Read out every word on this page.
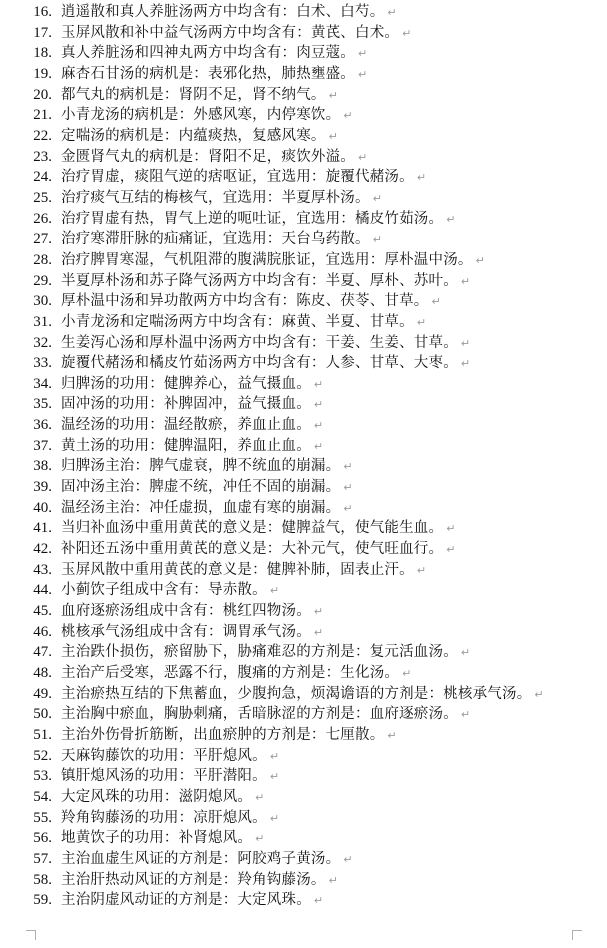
16. 逍遥散和真人养脏汤两方中均含有：白术、白芍。 ↵
17. 玉屏风散和补中益气汤两方中均含有：黄芪、白术。 ↵
18. 真人养脏汤和四神丸两方中均含有：肉豆蔻。 ↵
19. 麻杏石甘汤的病机是：表邪化热，肺热壅盛。 ↵
20. 都气丸的病机是：肾阴不足，肾不纳气。 ↵
21. 小青龙汤的病机是：外感风寒，内停寒饮。 ↵
22. 定喘汤的病机是：内蕴痰热，复感风寒。 ↵
23. 金匮肾气丸的病机是：肾阳不足，痰饮外溢。 ↵
24. 治疗胃虚，痰阻气逆的痞呕证，宜选用：旋覆代赭汤。 ↵
25. 治疗痰气互结的梅核气，宜选用：半夏厚朴汤。 ↵
26. 治疗胃虚有热，胃气上逆的呃吐证，宜选用：橘皮竹茹汤。 ↵
27. 治疗寒滞肝脉的疝痛证，宜选用：天台乌药散。 ↵
28. 治疗脾胃寒湿，气机阻滞的腹满脘胀证，宜选用：厚朴温中汤。 ↵
29. 半夏厚朴汤和苏子降气汤两方中均含有：半夏、厚朴、苏叶。 ↵
30. 厚朴温中汤和异功散两方中均含有：陈皮、茯苓、甘草。 ↵
31. 小青龙汤和定喘汤两方中均含有：麻黄、半夏、甘草。 ↵
32. 生姜泻心汤和厚朴温中汤两方中均含有：干姜、生姜、甘草。 ↵
33. 旋覆代赭汤和橘皮竹茹汤两方中均含有：人参、甘草、大枣。 ↵
34. 归脾汤的功用：健脾养心，益气摄血。 ↵
35. 固冲汤的功用：补脾固冲，益气摄血。 ↵
36. 温经汤的功用：温经散瘀，养血止血。 ↵
37. 黄土汤的功用：健脾温阳，养血止血。 ↵
38. 归脾汤主治：脾气虚衰，脾不统血的崩漏。 ↵
39. 固冲汤主治：脾虚不统，冲任不固的崩漏。 ↵
40. 温经汤主治：冲任虚损，血虚有寒的崩漏。 ↵
41. 当归补血汤中重用黄芪的意义是：健脾益气，使气能生血。 ↵
42. 补阳还五汤中重用黄芪的意义是：大补元气，使气旺血行。 ↵
43. 玉屏风散中重用黄芪的意义是：健脾补肺，固表止汗。 ↵
44. 小蓟饮子组成中含有：导赤散。 ↵
45. 血府逐瘀汤组成中含有：桃红四物汤。 ↵
46. 桃核承气汤组成中含有：调胃承气汤。 ↵
47. 主治跌仆损伤，瘀留胁下，胁痛难忍的方剂是：复元活血汤。 ↵
48. 主治产后受寒，恶露不行，腹痛的方剂是：生化汤。 ↵
49. 主治瘀热互结的下焦蓄血，少腹拘急，烦渴谵语的方剂是：桃核承气汤。 ↵
50. 主治胸中瘀血，胸胁刺痛，舌暗脉涩的方剂是：血府逐瘀汤。 ↵
51. 主治外伤骨折筋断，出血瘀肿的方剂是：七厘散。 ↵
52. 天麻钩藤饮的功用：平肝熄风。 ↵
53. 镇肝熄风汤的功用：平肝潜阳。 ↵
54. 大定风珠的功用：滋阴熄风。 ↵
55. 羚角钩藤汤的功用：凉肝熄风。 ↵
56. 地黄饮子的功用：补肾熄风。 ↵
57. 主治血虚生风证的方剂是：阿胶鸡子黄汤。 ↵
58. 主治肝热动风证的方剂是：羚角钩藤汤。 ↵
59. 主治阴虚风动证的方剂是：大定风珠。 ↵
